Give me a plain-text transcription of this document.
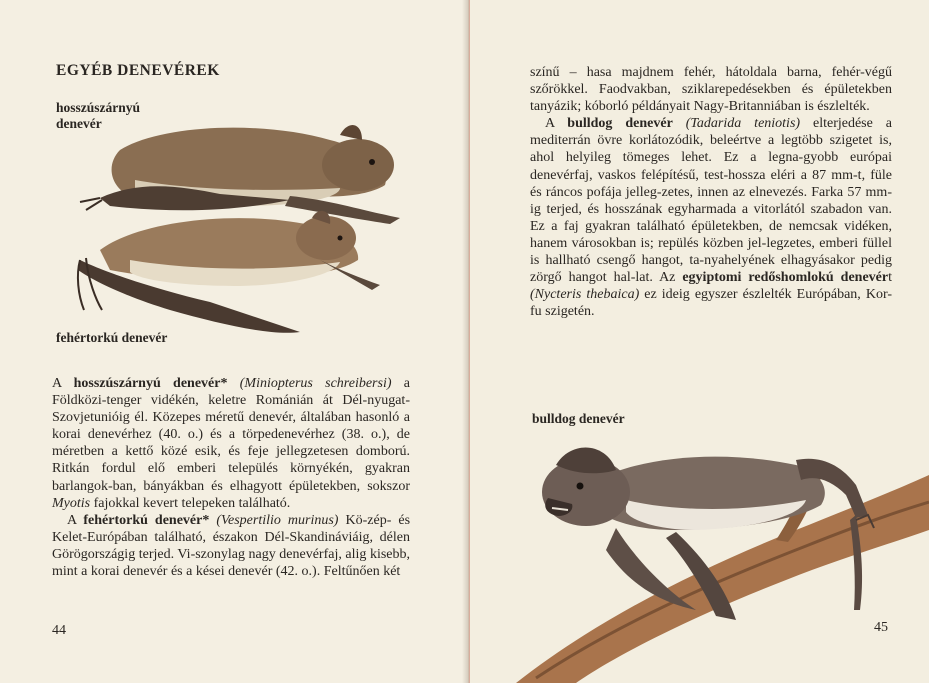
EGYÉB DENEVÉREK

hosszúszárnyú denevér

fehértorkú denevér

A hosszúszárnyú denevér* (Miniopterus schreibersi) a Földközi-tenger vidékén, keletre Románián át Dél-nyugat-Szovjetunióig él. Közepes méretű denevér, általában hasonló a korai denevérhez (40. o.) és a törpedenevérhez (38. o.), de méretben a kettő közé esik, és feje jellegzetesen domború. Ritkán fordul elő emberi település környékén, gyakran barlangok-ban, bányákban és elhagyott épületekben, sokszor Myotis fajokkal kevert telepeken található.

A fehértorkú denevér* (Vespertilio murinus) Kö-zép- és Kelet-Európában található, északon Dél-Skandináviáig, délen Görögországig terjed. Vi-szonylag nagy denevérfaj, alig kisebb, mint a korai denevér és a kései denevér (42. o.). Feltűnően két

44

színű – hasa majdnem fehér, hátoldala barna, fehér-végű szőrökkel. Faodvakban, sziklarepedésekben és épületekben tanyázik; kóborló példányait Nagy-Britanniában is észlelték.

A bulldog denevér (Tadarida teniotis) elterjedése a mediterrán övre korlátozódik, beleértve a legtöbb szigetet is, ahol helyileg tömeges lehet. Ez a legna-gyobb európai denevérfaj, vaskos felépítésű, test-hossza eléri a 87 mm-t, füle és ráncos pofája jelleg-zetes, innen az elnevezés. Farka 57 mm-ig terjed, és hosszának egyharmada a vitorlától szabadon van. Ez a faj gyakran található épületekben, de nemcsak vidéken, hanem városokban is; repülés közben jel-legzetes, emberi füllel is hallható csengő hangot, ta-nyahelyének elhagyásakor pedig zörgő hangot hal-lat. Az egyiptomi redőshomlokú denevért (Nycteris thebaica) ez ideig egyszer észlelték Európában, Kor-fu szigetén.

bulldog denevér

45
